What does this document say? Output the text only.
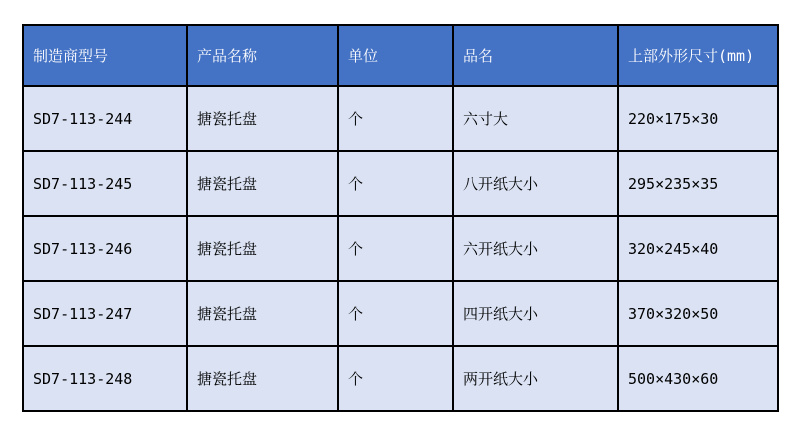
制造商型号	产品名称	单位	品名	上部外形尺寸(mm)
SD7-113-244	搪瓷托盘	个	六寸大	220×175×30
SD7-113-245	搪瓷托盘	个	八开纸大小	295×235×35
SD7-113-246	搪瓷托盘	个	六开纸大小	320×245×40
SD7-113-247	搪瓷托盘	个	四开纸大小	370×320×50
SD7-113-248	搪瓷托盘	个	两开纸大小	500×430×60
